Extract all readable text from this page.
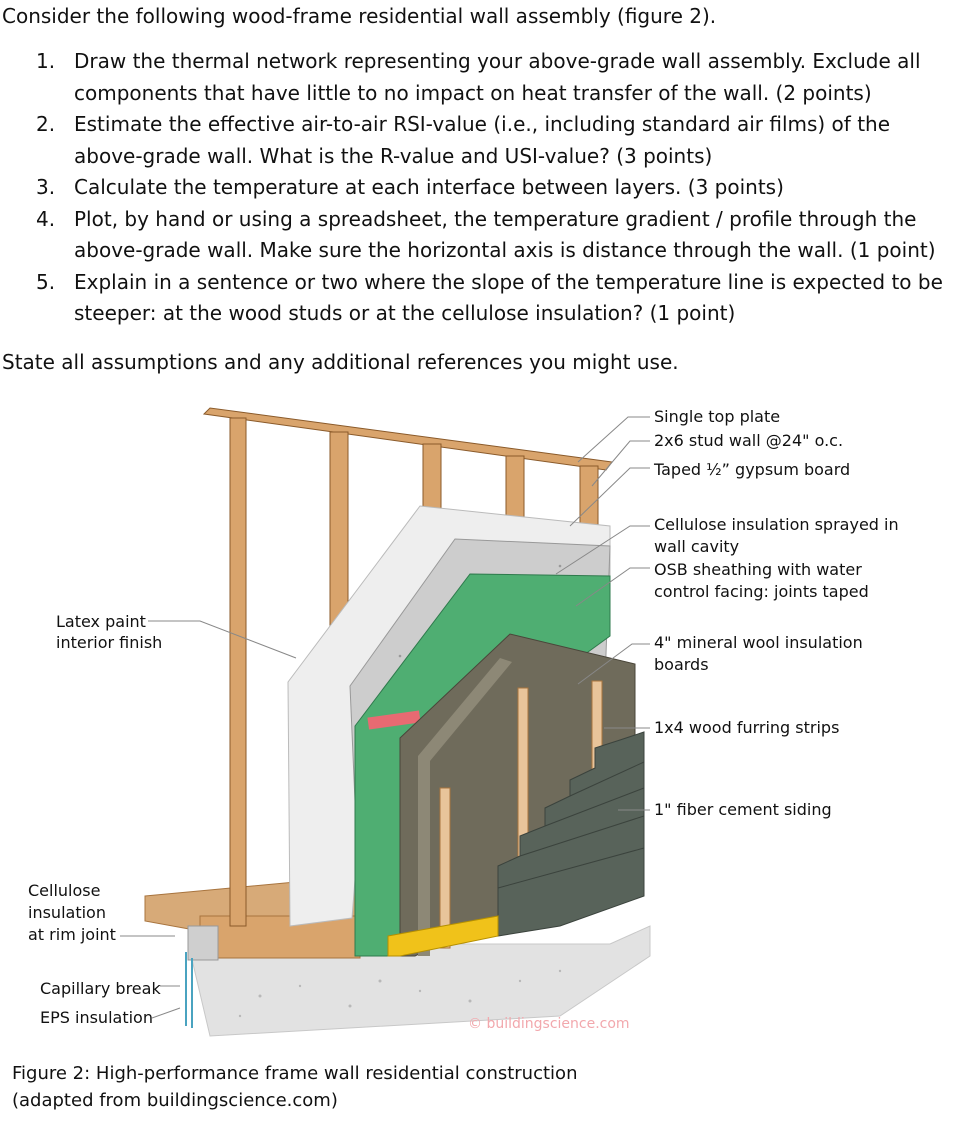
Consider the following wood-frame residential wall assembly (figure 2).
1. Draw the thermal network representing your above-grade wall assembly. Exclude all components that have little to no impact on heat transfer of the wall. (2 points)
2. Estimate the effective air-to-air RSI-value (i.e., including standard air films) of the above-grade wall. What is the R-value and USI-value? (3 points)
3. Calculate the temperature at each interface between layers. (3 points)
4. Plot, by hand or using a spreadsheet, the temperature gradient / profile through the above-grade wall. Make sure the horizontal axis is distance through the wall. (1 point)
5. Explain in a sentence or two where the slope of the temperature line is expected to be steeper: at the wood studs or at the cellulose insulation? (1 point)
State all assumptions and any additional references you might use.
© buildingscience.com
Single top plate
2x6 stud wall @24" o.c.
Taped ½” gypsum board
Cellulose insulation sprayed in
wall cavity
OSB sheathing with water
control facing: joints taped
4" mineral wool insulation
boards
1x4 wood furring strips
1" fiber cement siding
Latex paint
interior finish
Cellulose
insulation
at rim joint
Capillary break
EPS insulation
Figure 2: High-performance frame wall residential construction
(adapted from buildingscience.com)
